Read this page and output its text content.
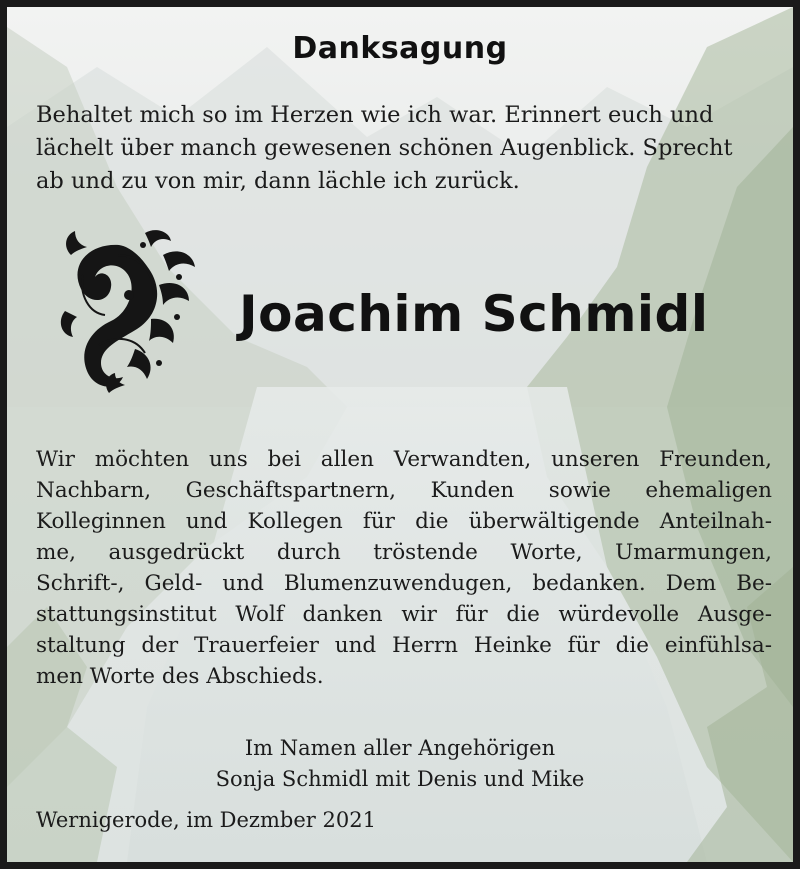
Danksagung
Behaltet mich so im Herzen wie ich war. Erinnert euch und
lächelt über manch gewesenen schönen Augenblick. Sprecht
ab und zu von mir, dann lächle ich zurück.
Joachim Schmidl
Wir möchten uns bei allen Verwandten, unseren Freunden,
Nachbarn, Geschäftspartnern, Kunden sowie ehemaligen
Kolleginnen und Kollegen für die überwältigende Anteilnah-
me, ausgedrückt durch tröstende Worte, Umarmungen,
Schrift-, Geld- und Blumenzuwendugen, bedanken. Dem Be-
stattungsinstitut Wolf danken wir für die würdevolle Ausge-
staltung der Trauerfeier und Herrn Heinke für die einfühlsa-
men Worte des Abschieds.
Im Namen aller Angehörigen
Sonja Schmidl mit Denis und Mike
Wernigerode, im Dezmber 2021
